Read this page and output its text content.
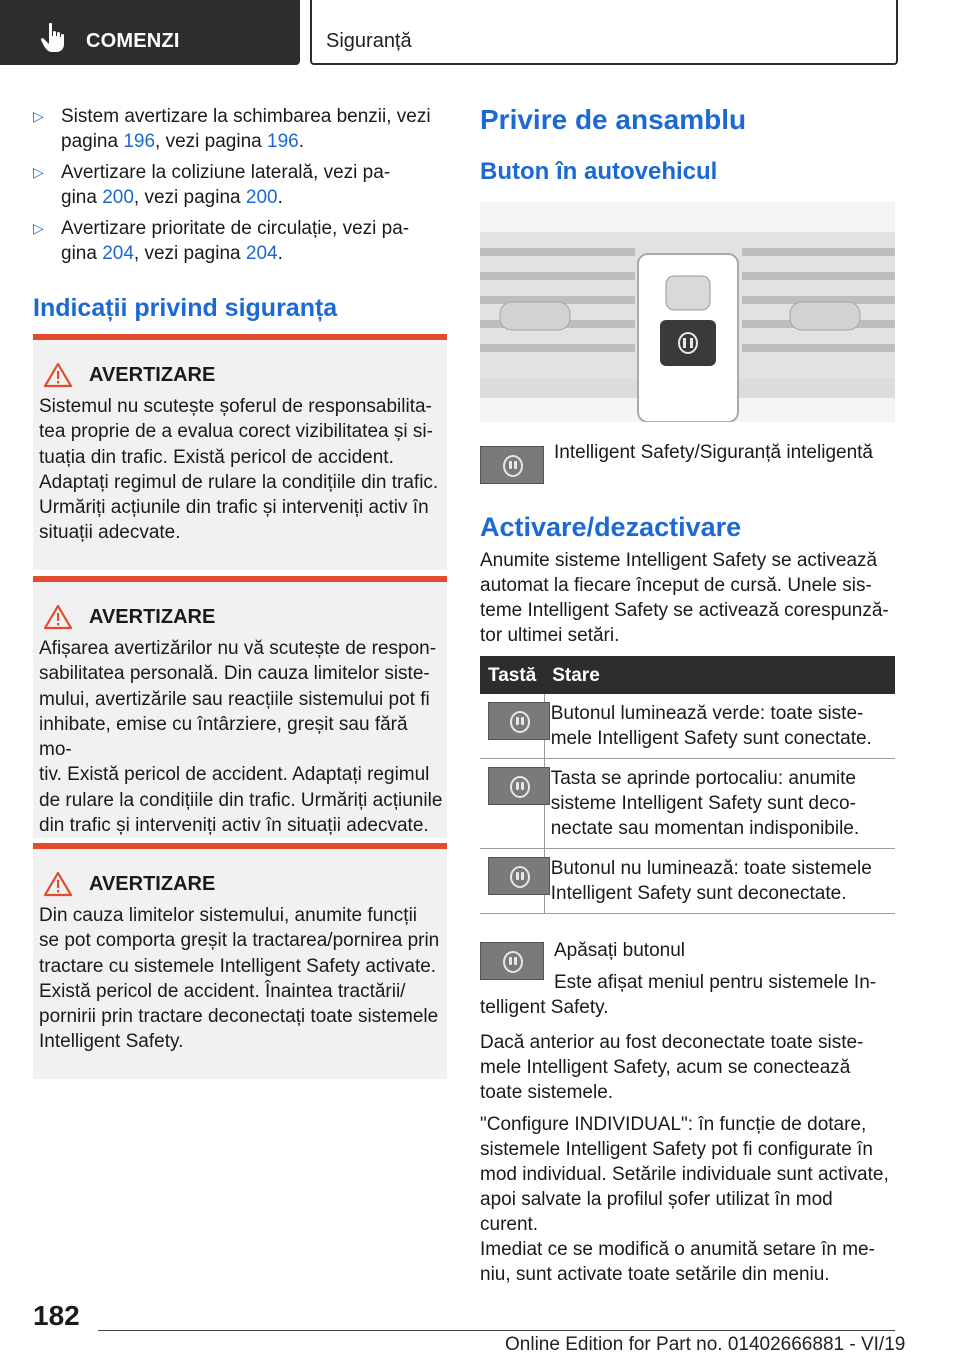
COMENZI	Siguranță
▷ Sistem avertizare la schimbarea benzii, vezi
pagina 196, vezi pagina 196.
▷ Avertizare la coliziune laterală, vezi pa‐
gina 200, vezi pagina 200.
▷ Avertizare prioritate de circulație, vezi pa‐
gina 204, vezi pagina 204.
Indicații privind siguranța
AVERTIZARE
Sistemul nu scutește șoferul de responsabilita‐
tea proprie de a evalua corect vizibilitatea și si‐
tuația din trafic. Există pericol de accident.
Adaptați regimul de rulare la condițiile din trafic.
Urmăriți acțiunile din trafic și interveniți activ în
situații adecvate.
AVERTIZARE
Afișarea avertizărilor nu vă scutește de respon‐
sabilitatea personală. Din cauza limitelor siste‐
mului, avertizările sau reacțiile sistemului pot fi
inhibate, emise cu întârziere, greșit sau fără mo‐
tiv. Există pericol de accident. Adaptați regimul
de rulare la condițiile din trafic. Urmăriți acțiunile
din trafic și interveniți activ în situații adecvate.
AVERTIZARE
Din cauza limitelor sistemului, anumite funcții
se pot comporta greșit la tractarea/pornirea prin
tractare cu sistemele Intelligent Safety activate.
Există pericol de accident. Înaintea tractării/
pornirii prin tractare deconectați toate sistemele
Intelligent Safety.
Privire de ansamblu
Buton în autovehicul
Intelligent Safety/Siguranță inteligentă
Activare/dezactivare
Anumite sisteme Intelligent Safety se activează
automat la fiecare început de cursă. Unele sis‐
teme Intelligent Safety se activează corespunză‐
tor ultimei setări.
Tastă	Stare

	Butonul luminează verde: toate siste‐
mele Intelligent Safety sunt conectate.

	Tasta se aprinde portocaliu: anumite
sisteme Intelligent Safety sunt deco‐
nectate sau momentan indisponibile.

	Butonul nu luminează: toate sistemele
Intelligent Safety sunt deconectate.
Apăsați butonul
Este afișat meniul pentru sistemele In‐
telligent Safety.
Dacă anterior au fost deconectate toate siste‐
mele Intelligent Safety, acum se conectează
toate sistemele.
"Configure INDIVIDUAL": în funcție de dotare,
sistemele Intelligent Safety pot fi configurate în
mod individual. Setările individuale sunt activate,
apoi salvate la profilul șofer utilizat în mod curent.
Imediat ce se modifică o anumită setare în me‐
niu, sunt activate toate setările din meniu.
182
Online Edition for Part no. 01402666881 - VI/19
